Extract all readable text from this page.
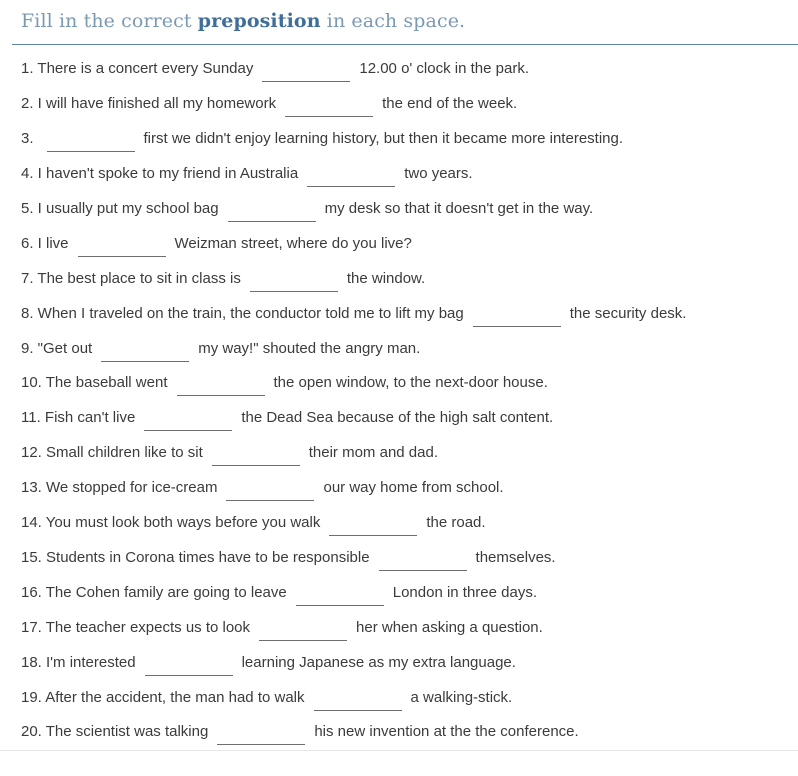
Fill in the correct preposition in each space.
1. There is a concert every Sunday	12.00 o' clock in the park.
2. I will have finished all my homework	the end of the week.
3.	first we didn't enjoy learning history, but then it became more interesting.
4. I haven't spoke to my friend in Australia	two years.
5. I usually put my school bag	my desk so that it doesn't get in the way.
6. I live	Weizman street, where do you live?
7. The best place to sit in class is	the window.
8. When I traveled on the train, the conductor told me to lift my bag	the security desk.
9. "Get out	my way!" shouted the angry man.
10. The baseball went	the open window, to the next-door house.
11. Fish can't live	the Dead Sea because of the high salt content.
12. Small children like to sit	their mom and dad.
13. We stopped for ice-cream	our way home from school.
14. You must look both ways before you walk	the road.
15. Students in Corona times have to be responsible	themselves.
16. The Cohen family are going to leave	London in three days.
17. The teacher expects us to look	her when asking a question.
18. I'm interested	learning Japanese as my extra language.
19. After the accident, the man had to walk	a walking-stick.
20. The scientist was talking	his new invention at the the conference.
